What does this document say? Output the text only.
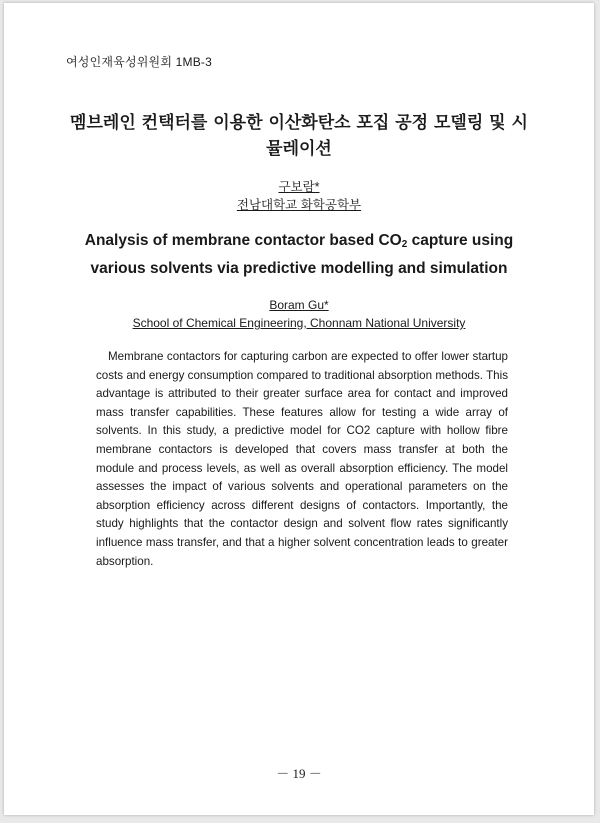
여성인재육성위원회 1MB-3
멤브레인 컨택터를 이용한 이산화탄소 포집 공정 모델링 및 시뮬레이션
구보람*
전남대학교 화학공학부
Analysis of membrane contactor based $CO_2$ capture using various solvents via predictive modelling and simulation
Boram Gu*
School of Chemical Engineering, Chonnam National University

Membrane contactors for capturing carbon are expected to offer lower startup costs and energy consumption compared to traditional absorption methods. This advantage is attributed to their greater surface area for contact and improved mass transfer capabilities. These features allow for testing a wide array of solvents. In this study, a predictive model for CO2 capture with hollow fibre membrane contactors is developed that covers mass transfer at both the module and process levels, as well as overall absorption efficiency. The model assesses the impact of various solvents and operational parameters on the absorption efficiency across different designs of contactors. Importantly, the study highlights that the contactor design and solvent flow rates significantly influence mass transfer, and that a higher solvent concentration leads to greater absorption.

－ 19 －
